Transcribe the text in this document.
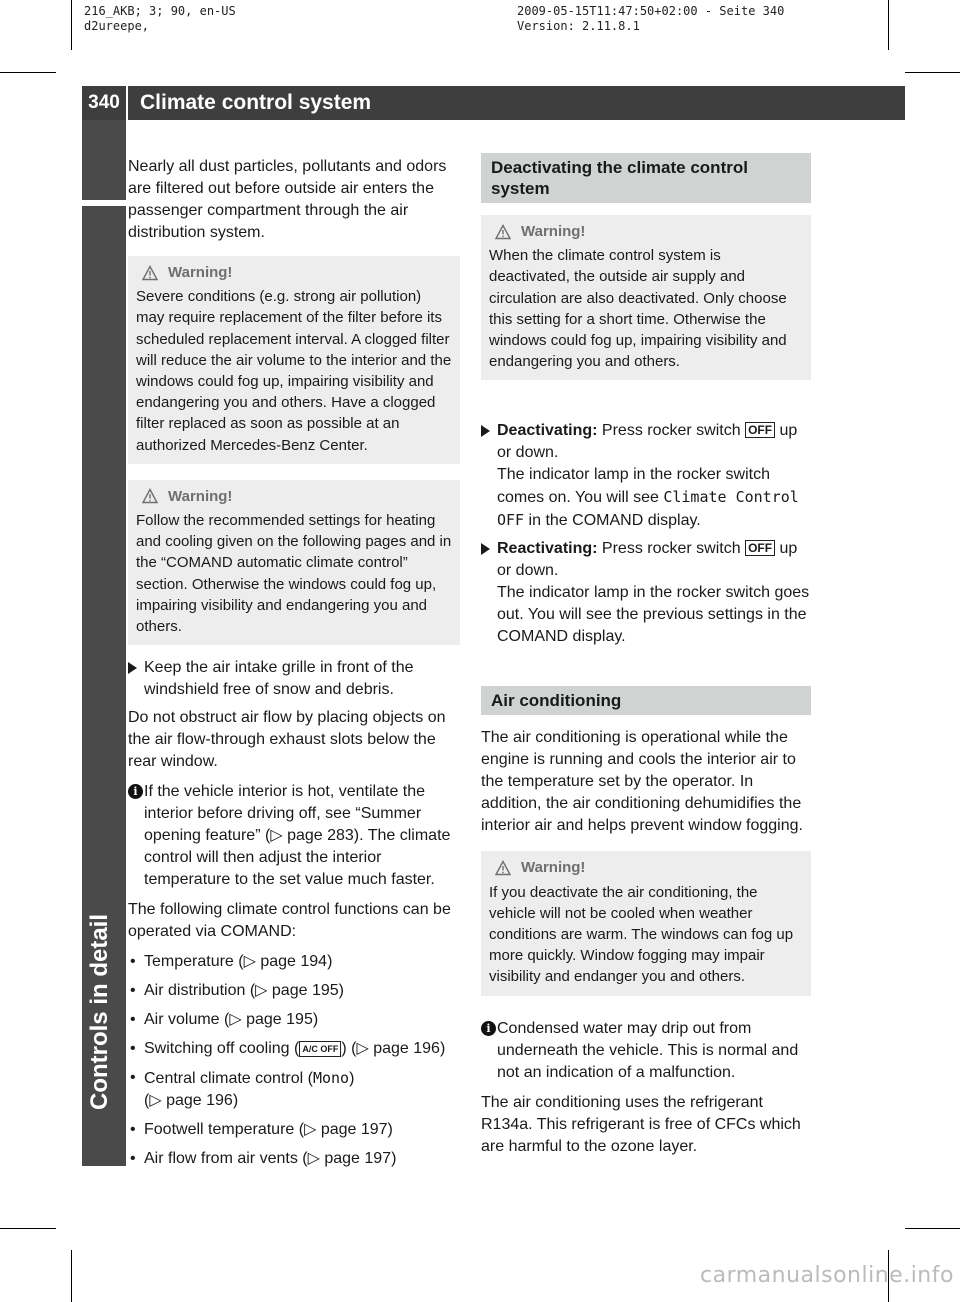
216_AKB; 3; 90, en-US
d2ureepe,
2009-05-15T11:47:50+02:00 - Seite 340
Version: 2.11.8.1
340 Climate control system
Controls in detail

Nearly all dust particles, pollutants and odors are filtered out before outside air enters the passenger compartment through the air distribution system.

Warning!
Severe conditions (e.g. strong air pollution) may require replacement of the filter before its scheduled replacement interval. A clogged filter will reduce the air volume to the interior and the windows could fog up, impairing visibility and endangering you and others. Have a clogged filter replaced as soon as possible at an authorized Mercedes-Benz Center.
Warning!
Follow the recommended settings for heating and cooling given on the following pages and in the “COMAND automatic climate control” section. Otherwise the windows could fog up, impairing visibility and endangering you and others.
Keep the air intake grille in front of the windshield free of snow and debris.

Do not obstruct air flow by placing objects on the air flow-through exhaust slots below the rear window.

i If the vehicle interior is hot, ventilate the interior before driving off, see “Summer opening feature” (▷ page 283). The climate control will then adjust the interior temperature to the set value much faster.

The following climate control functions can be operated via COMAND:

• Temperature (▷ page 194)
• Air distribution (▷ page 195)
• Air volume (▷ page 195)
• Switching off cooling ( A/C OFF ) (▷ page 196)
• Central climate control (Mono)
(▷ page 196)
• Footwell temperature (▷ page 197)
• Air flow from air vents (▷ page 197)
Deactivating the climate control system
Warning!
When the climate control system is deactivated, the outside air supply and circulation are also deactivated. Only choose this setting for a short time. Otherwise the windows could fog up, impairing visibility and endangering you and others.
Deactivating: Press rocker switch OFF up or down.
The indicator lamp in the rocker switch comes on. You will see Climate Control OFF in the COMAND display.
Reactivating: Press rocker switch OFF up or down.
The indicator lamp in the rocker switch goes out. You will see the previous settings in the COMAND display.
Air conditioning

The air conditioning is operational while the engine is running and cools the interior air to the temperature set by the operator. In addition, the air conditioning dehumidifies the interior air and helps prevent window fogging.

Warning!
If you deactivate the air conditioning, the vehicle will not be cooled when weather conditions are warm. The windows can fog up more quickly. Window fogging may impair visibility and endanger you and others.
i Condensed water may drip out from underneath the vehicle. This is normal and not an indication of a malfunction.

The air conditioning uses the refrigerant R134a. This refrigerant is free of CFCs which are harmful to the ozone layer.

carmanualsonline.info
